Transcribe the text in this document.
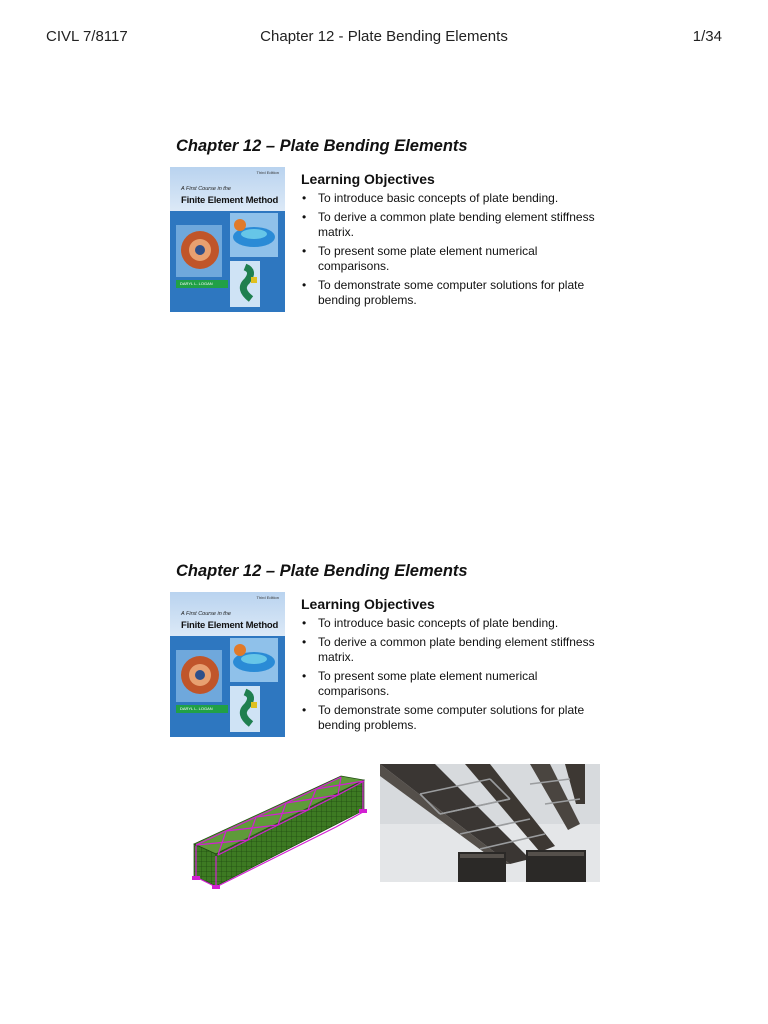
CIVL 7/8117	Chapter 12 - Plate Bending Elements	1/34
Chapter 12 – Plate Bending Elements
Third Edition
A First Course in the
Finite Element Method
DARYL L. LOGAN
Learning Objectives
• To introduce basic concepts of plate bending.
• To derive a common plate bending element stiffness matrix.
• To present some plate element numerical comparisons.
• To demonstrate some computer solutions for plate bending problems.
Chapter 12 – Plate Bending Elements
Third Edition
A First Course in the
Finite Element Method
DARYL L. LOGAN
Learning Objectives
• To introduce basic concepts of plate bending.
• To derive a common plate bending element stiffness matrix.
• To present some plate element numerical comparisons.
• To demonstrate some computer solutions for plate bending problems.
